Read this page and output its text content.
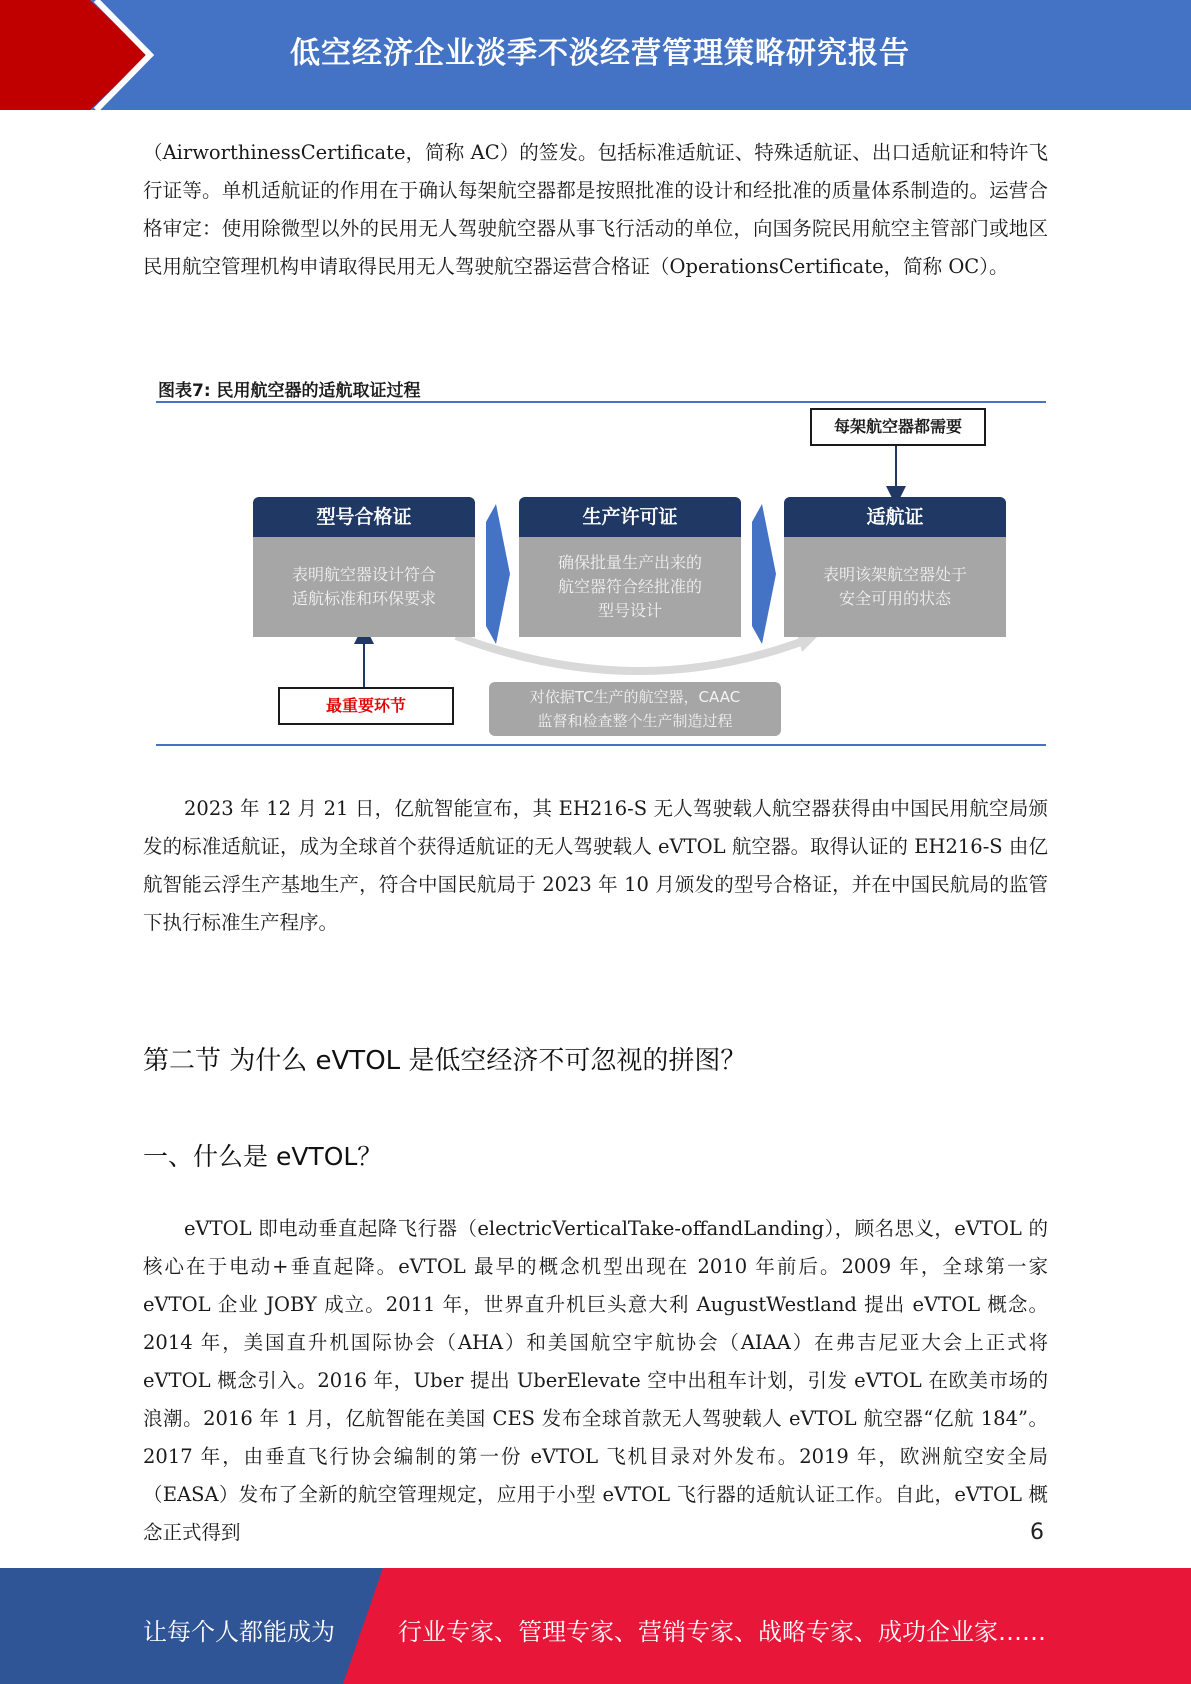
低空经济企业淡季不淡经营管理策略研究报告

（AirworthinessCertificate，简称 AC）的签发。包括标准适航证、特殊适航证、出口适航证和特许飞行证等。单机适航证的作用在于确认每架航空器都是按照批准的设计和经批准的质量体系制造的。运营合格审定：使用除微型以外的民用无人驾驶航空器从事飞行活动的单位，向国务院民用航空主管部门或地区民用航空管理机构申请取得民用无人驾驶航空器运营合格证（OperationsCertificate，简称 OC）。

图表7: 民用航空器的适航取证过程
型号合格证
表明航空器设计符合
适航标准和环保要求
生产许可证
确保批量生产出来的
航空器符合经批准的
型号设计
适航证
表明该架航空器处于
安全可用的状态
每架航空器都需要
最重要环节	对依据TC生产的航空器，CAAC
监督和检查整个生产制造过程

2023 年 12 月 21 日，亿航智能宣布，其 EH216-S 无人驾驶载人航空器获得由中国民用航空局颁发的标准适航证，成为全球首个获得适航证的无人驾驶载人 eVTOL 航空器。取得认证的 EH216-S 由亿航智能云浮生产基地生产，符合中国民航局于 2023 年 10 月颁发的型号合格证，并在中国民航局的监管下执行标准生产程序。

第二节 为什么 eVTOL 是低空经济不可忽视的拼图？
一、什么是 eVTOL？

eVTOL 即电动垂直起降飞行器（electricVerticalTake-offandLanding），顾名思义，eVTOL 的核心在于电动+垂直起降。eVTOL 最早的概念机型出现在 2010 年前后。2009 年，全球第一家 eVTOL 企业 JOBY 成立。2011 年，世界直升机巨头意大利 AugustWestland 提出 eVTOL 概念。2014 年，美国直升机国际协会（AHA）和美国航空宇航协会（AIAA）在弗吉尼亚大会上正式将 eVTOL 概念引入。2016 年，Uber 提出 UberElevate 空中出租车计划，引发 eVTOL 在欧美市场的浪潮。2016 年 1 月，亿航智能在美国 CES 发布全球首款无人驾驶载人 eVTOL 航空器“亿航 184”。2017 年，由垂直飞行协会编制的第一份 eVTOL 飞机目录对外发布。2019 年，欧洲航空安全局（EASA）发布了全新的航空管理规定，应用于小型 eVTOL 飞行器的适航认证工作。自此，eVTOL 概念正式得到	6
让每个人都能成为	行业专家、管理专家、营销专家、战略专家、成功企业家……
